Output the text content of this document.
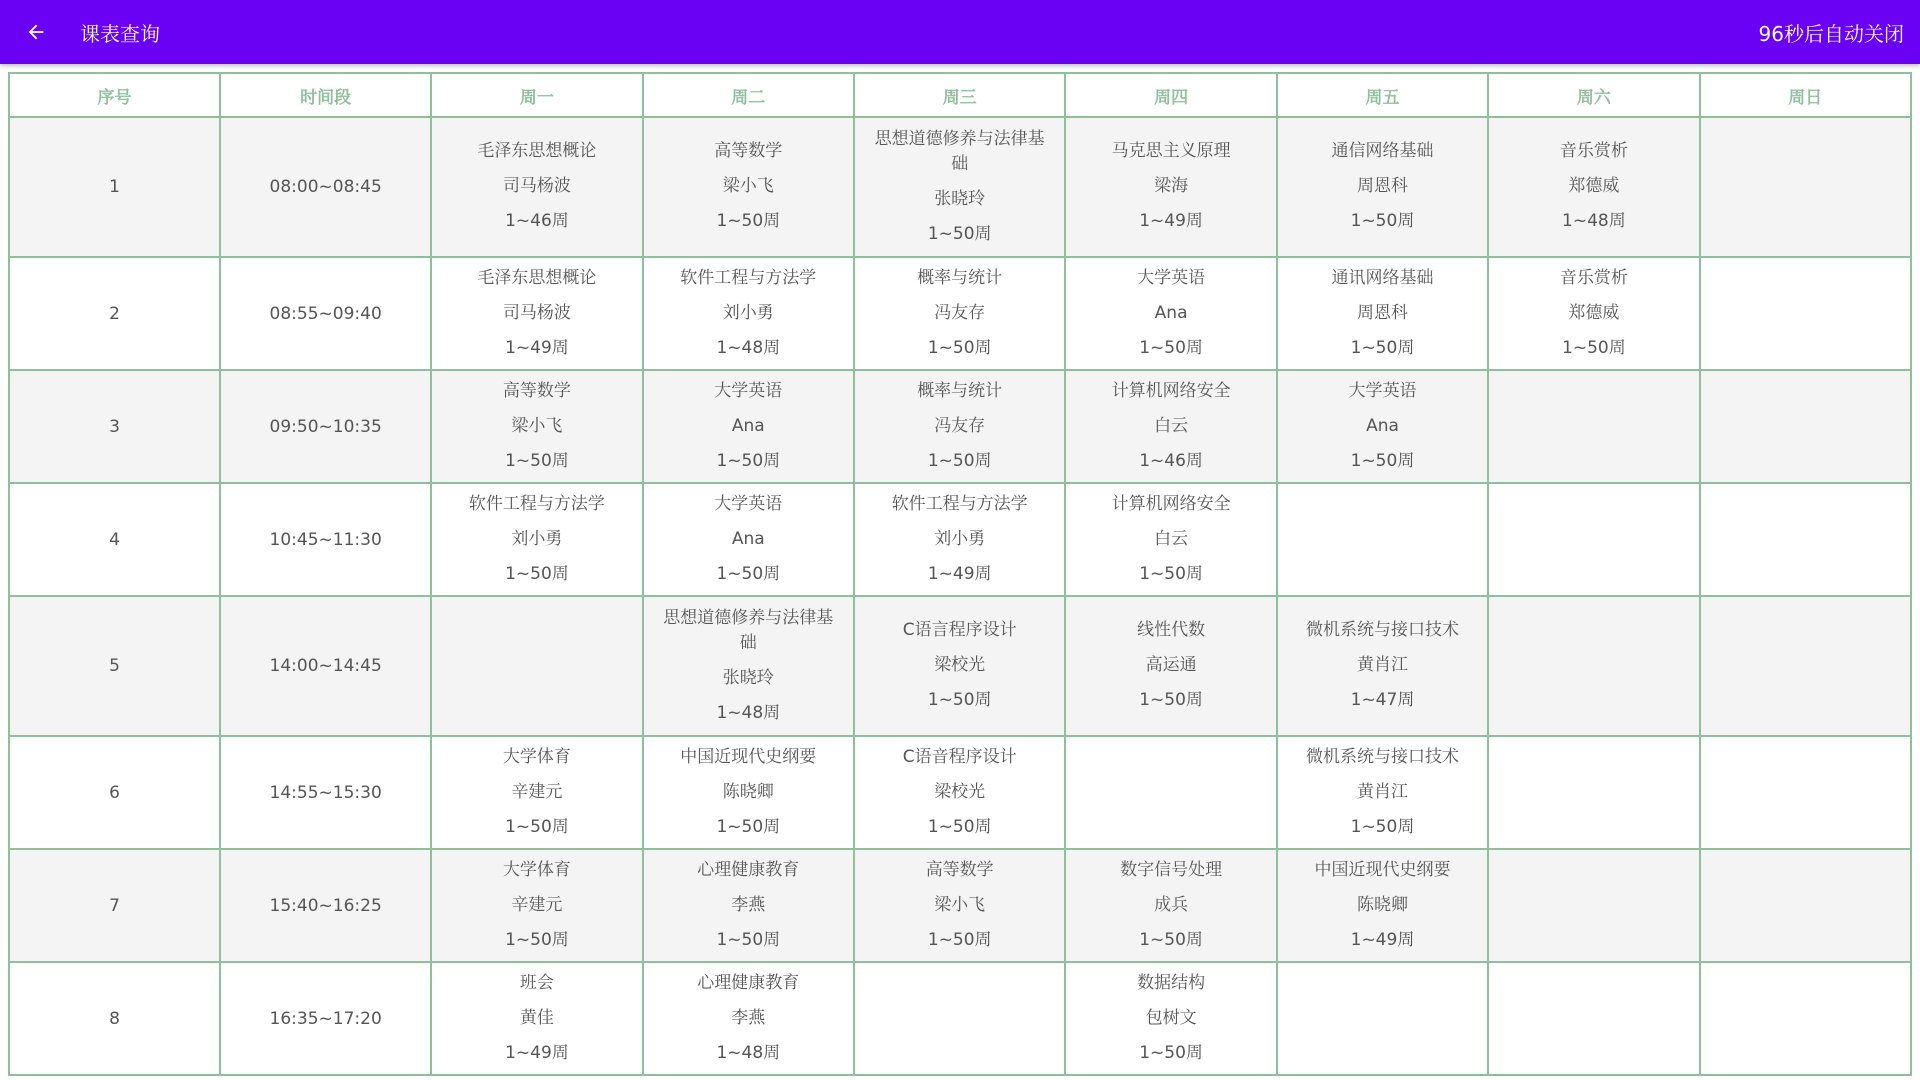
课表查询	96秒后自动关闭
序号	时间段	周一	周二	周三	周四	周五	周六	周日
1	08:00~08:45	毛泽东思想概论
司马杨波
1~46周	高等数学
梁小飞
1~50周	思想道德修养与法律基础
张晓玲
1~50周	马克思主义原理
梁海
1~49周	通信网络基础
周恩科
1~50周	音乐赏析
郑德威
1~48周	

2	08:55~09:40	毛泽东思想概论
司马杨波
1~49周	软件工程与方法学
刘小勇
1~48周	概率与统计
冯友存
1~50周	大学英语
Ana
1~50周	通讯网络基础
周恩科
1~50周	音乐赏析
郑德威
1~50周	

3	09:50~10:35	高等数学
梁小飞
1~50周	大学英语
Ana
1~50周	概率与统计
冯友存
1~50周	计算机网络安全
白云
1~46周	大学英语
Ana
1~50周		

4	10:45~11:30	软件工程与方法学
刘小勇
1~50周	大学英语
Ana
1~50周	软件工程与方法学
刘小勇
1~49周	计算机网络安全
白云
1~50周			

5	14:00~14:45		思想道德修养与法律基础
张晓玲
1~48周	C语言程序设计
梁校光
1~50周	线性代数
高运通
1~50周	微机系统与接口技术
黄肖江
1~47周		

6	14:55~15:30	大学体育
辛建元
1~50周	中国近现代史纲要
陈晓卿
1~50周	C语音程序设计
梁校光
1~50周		微机系统与接口技术
黄肖江
1~50周		

7	15:40~16:25	大学体育
辛建元
1~50周	心理健康教育
李燕
1~50周	高等数学
梁小飞
1~50周	数字信号处理
成兵
1~50周	中国近现代史纲要
陈晓卿
1~49周		

8	16:35~17:20	班会
黄佳
1~49周	心理健康教育
李燕
1~48周		数据结构
包树文
1~50周			
